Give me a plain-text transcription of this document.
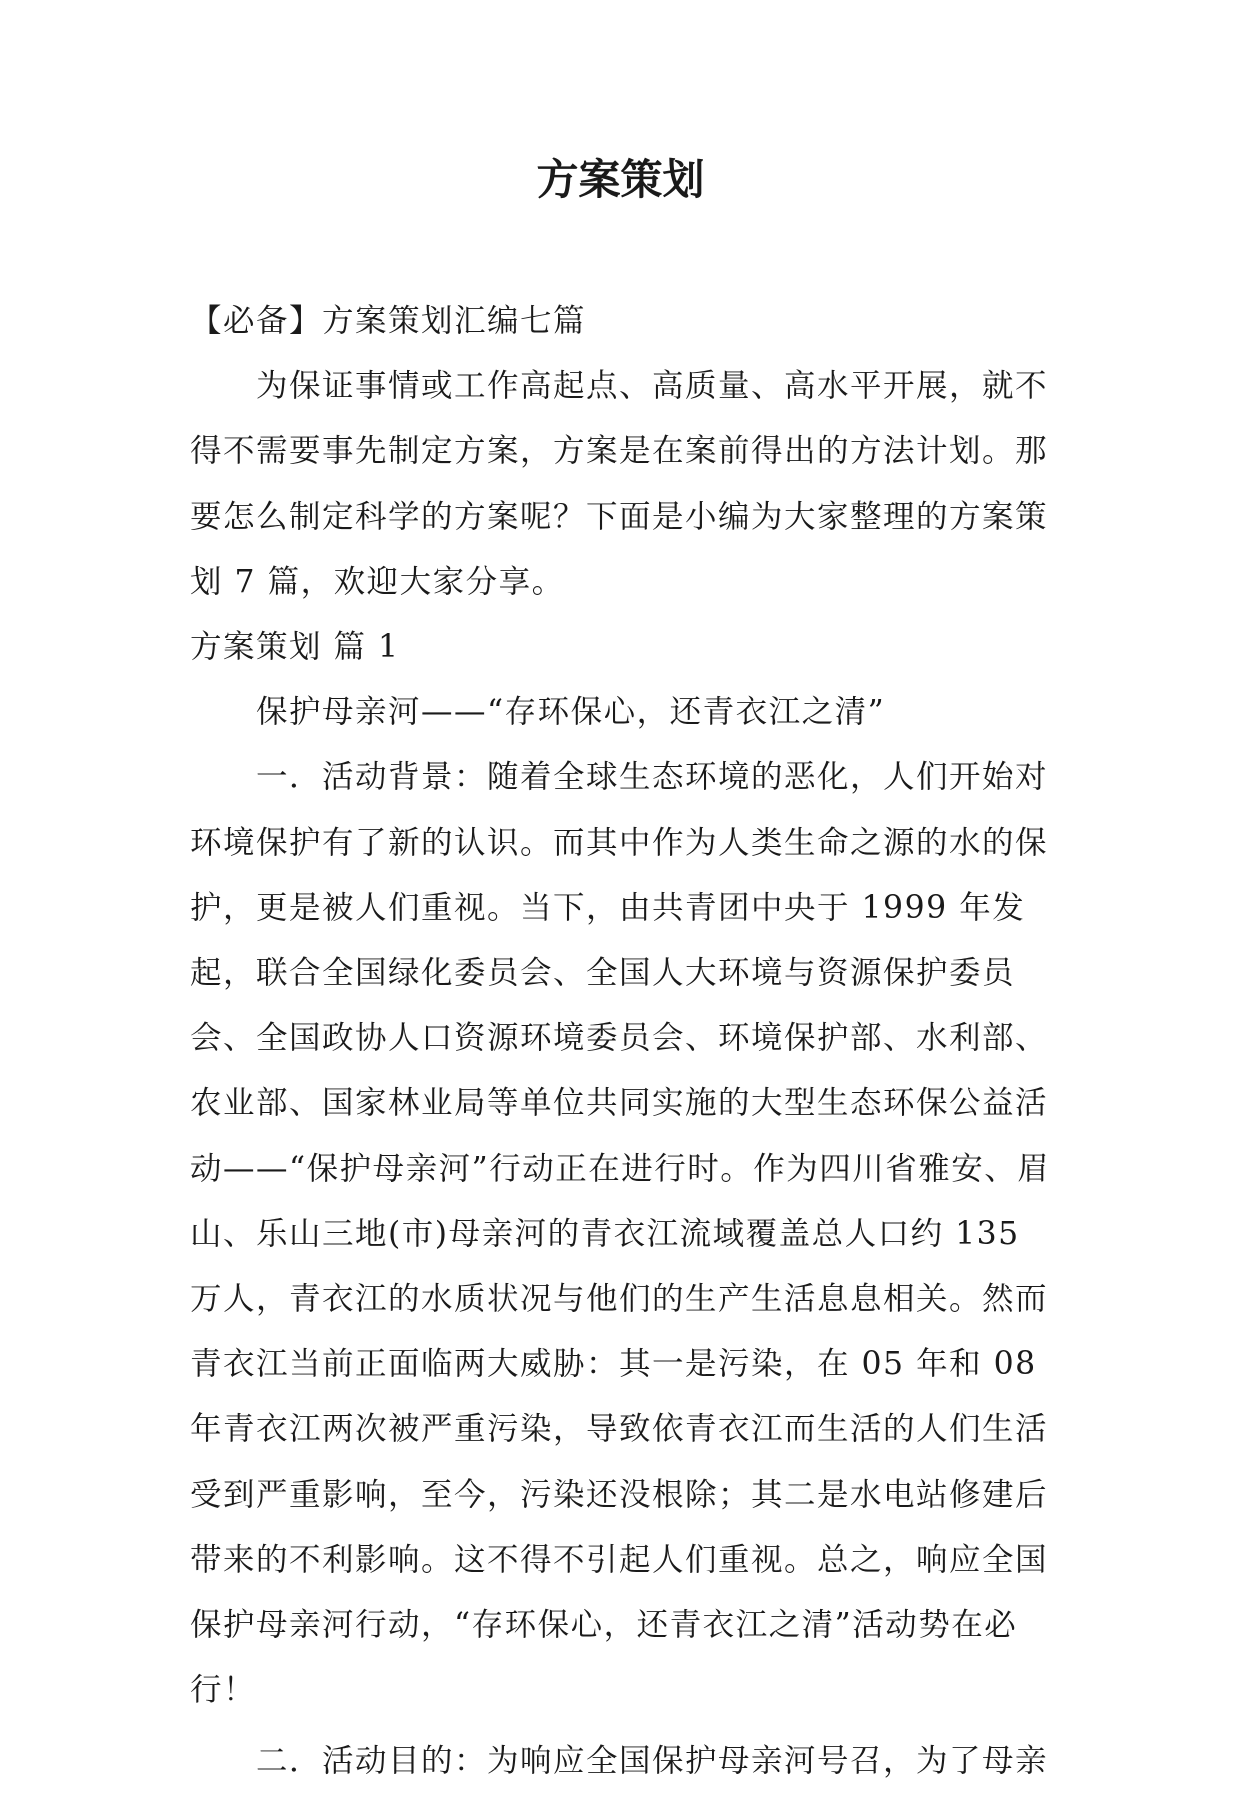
方案策划

【必备】方案策划汇编七篇

为保证事情或工作高起点、高质量、高水平开展，就不得不需要事先制定方案，方案是在案前得出的方法计划。那要怎么制定科学的方案呢？下面是小编为大家整理的方案策划 7 篇，欢迎大家分享。

方案策划 篇 1

保护母亲河——“存环保心，还青衣江之清”

一．活动背景：随着全球生态环境的恶化，人们开始对环境保护有了新的认识。而其中作为人类生命之源的水的保护，更是被人们重视。当下，由共青团中央于 1999 年发起，联合全国绿化委员会、全国人大环境与资源保护委员会、全国政协人口资源环境委员会、环境保护部、水利部、农业部、国家林业局等单位共同实施的大型生态环保公益活动——“保护母亲河”行动正在进行时。作为四川省雅安、眉山、乐山三地(市)母亲河的青衣江流域覆盖总人口约 135 万人，青衣江的水质状况与他们的生产生活息息相关。然而青衣江当前正面临两大威胁：其一是污染，在 05 年和 08 年青衣江两次被严重污染，导致依青衣江而生活的人们生活受到严重影响，至今，污染还没根除；其二是水电站修建后带来的不利影响。这不得不引起人们重视。总之，响应全国保护母亲河行动，“存环保心，还青衣江之清”活动势在必行！

二．活动目的：为响应全国保护母亲河号召，为了母亲
